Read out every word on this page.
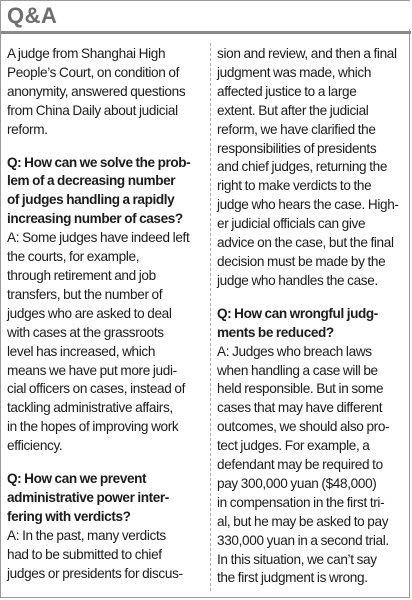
Q&A

A judge from Shanghai High

People’s Court, on condition of

anonymity, answered questions

from China Daily about judicial

reform.

Q: How can we solve the prob-

lem of a decreasing number

of judges handling a rapidly

increasing number of cases?

A: Some judges have indeed left

the courts, for example,

through retirement and job

transfers, but the number of

judges who are asked to deal

with cases at the grassroots

level has increased, which

means we have put more judi-

cial officers on cases, instead of

tackling administrative affairs,

in the hopes of improving work

efficiency.

Q: How can we prevent

administrative power inter-

fering with verdicts?

A: In the past, many verdicts

had to be submitted to chief

judges or presidents for discus-

sion and review, and then a final

judgment was made, which

affected justice to a large

extent. But after the judicial

reform, we have clarified the

responsibilities of presidents

and chief judges, returning the

right to make verdicts to the

judge who hears the case. High-

er judicial officials can give

advice on the case, but the final

decision must be made by the

judge who handles the case.

Q: How can wrongful judg-

ments be reduced?

A: Judges who breach laws

when handling a case will be

held responsible. But in some

cases that may have different

outcomes, we should also pro-

tect judges. For example, a

defendant may be required to

pay 300,000 yuan ($48,000)

in compensation in the first tri-

al, but he may be asked to pay

330,000 yuan in a second trial.

In this situation, we can’t say

the first judgment is wrong.
